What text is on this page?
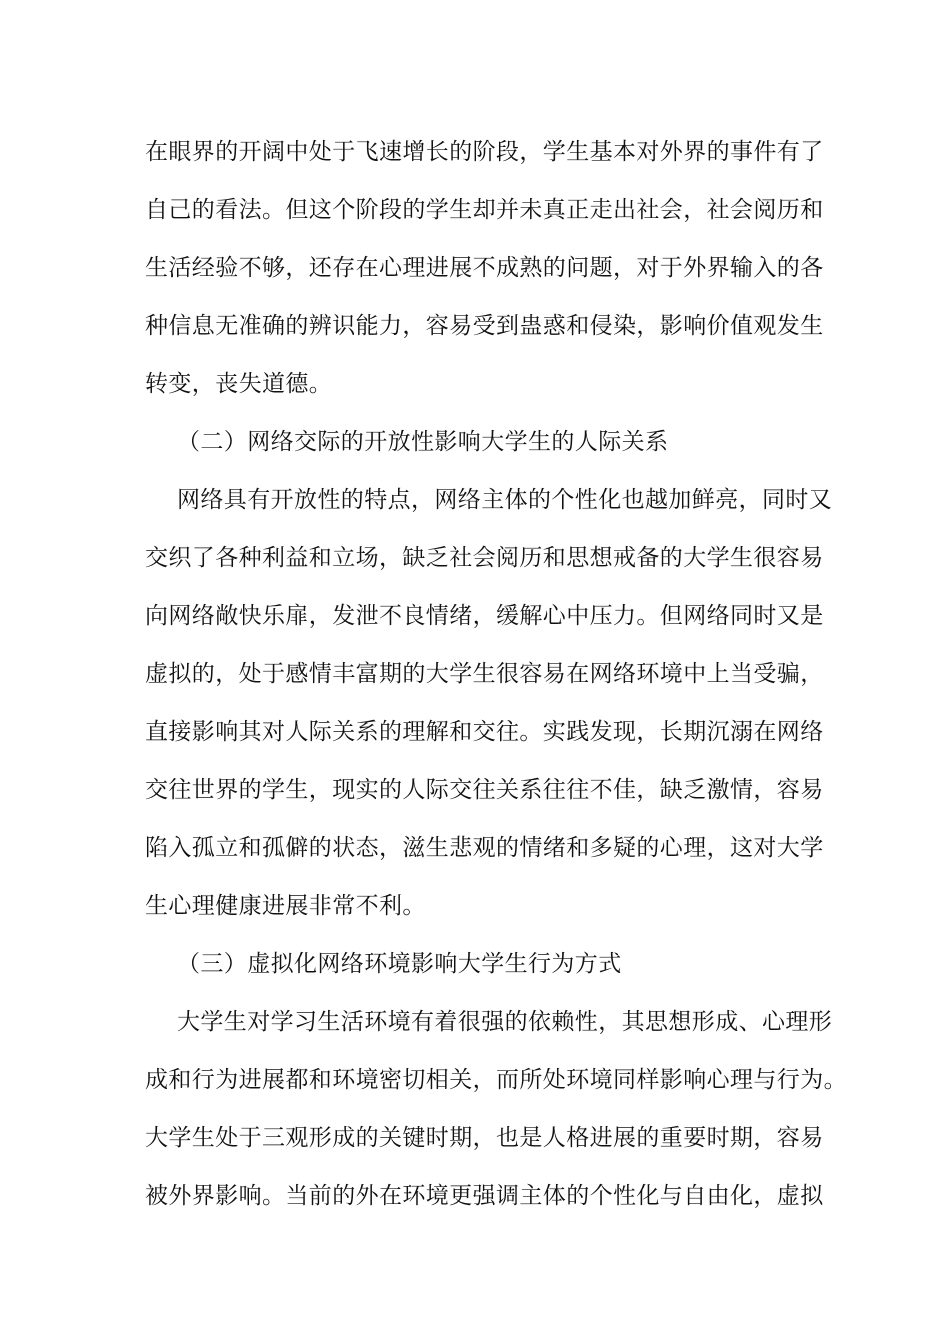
在眼界的开阔中处于飞速增长的阶段，学生基本对外界的事件有了
自己的看法。但这个阶段的学生却并未真正走出社会，社会阅历和
生活经验不够，还存在心理进展不成熟的问题，对于外界输入的各
种信息无准确的辨识能力，容易受到蛊惑和侵染，影响价值观发生
转变，丧失道德。
（二）网络交际的开放性影响大学生的人际关系
网络具有开放性的特点，网络主体的个性化也越加鲜亮，同时又
交织了各种利益和立场，缺乏社会阅历和思想戒备的大学生很容易
向网络敞快乐扉，发泄不良情绪，缓解心中压力。但网络同时又是
虚拟的，处于感情丰富期的大学生很容易在网络环境中上当受骗，
直接影响其对人际关系的理解和交往。实践发现，长期沉溺在网络
交往世界的学生，现实的人际交往关系往往不佳，缺乏激情，容易
陷入孤立和孤僻的状态，滋生悲观的情绪和多疑的心理，这对大学
生心理健康进展非常不利。
（三）虚拟化网络环境影响大学生行为方式
大学生对学习生活环境有着很强的依赖性，其思想形成、心理形
成和行为进展都和环境密切相关，而所处环境同样影响心理与行为。
大学生处于三观形成的关键时期，也是人格进展的重要时期，容易
被外界影响。当前的外在环境更强调主体的个性化与自由化，虚拟
